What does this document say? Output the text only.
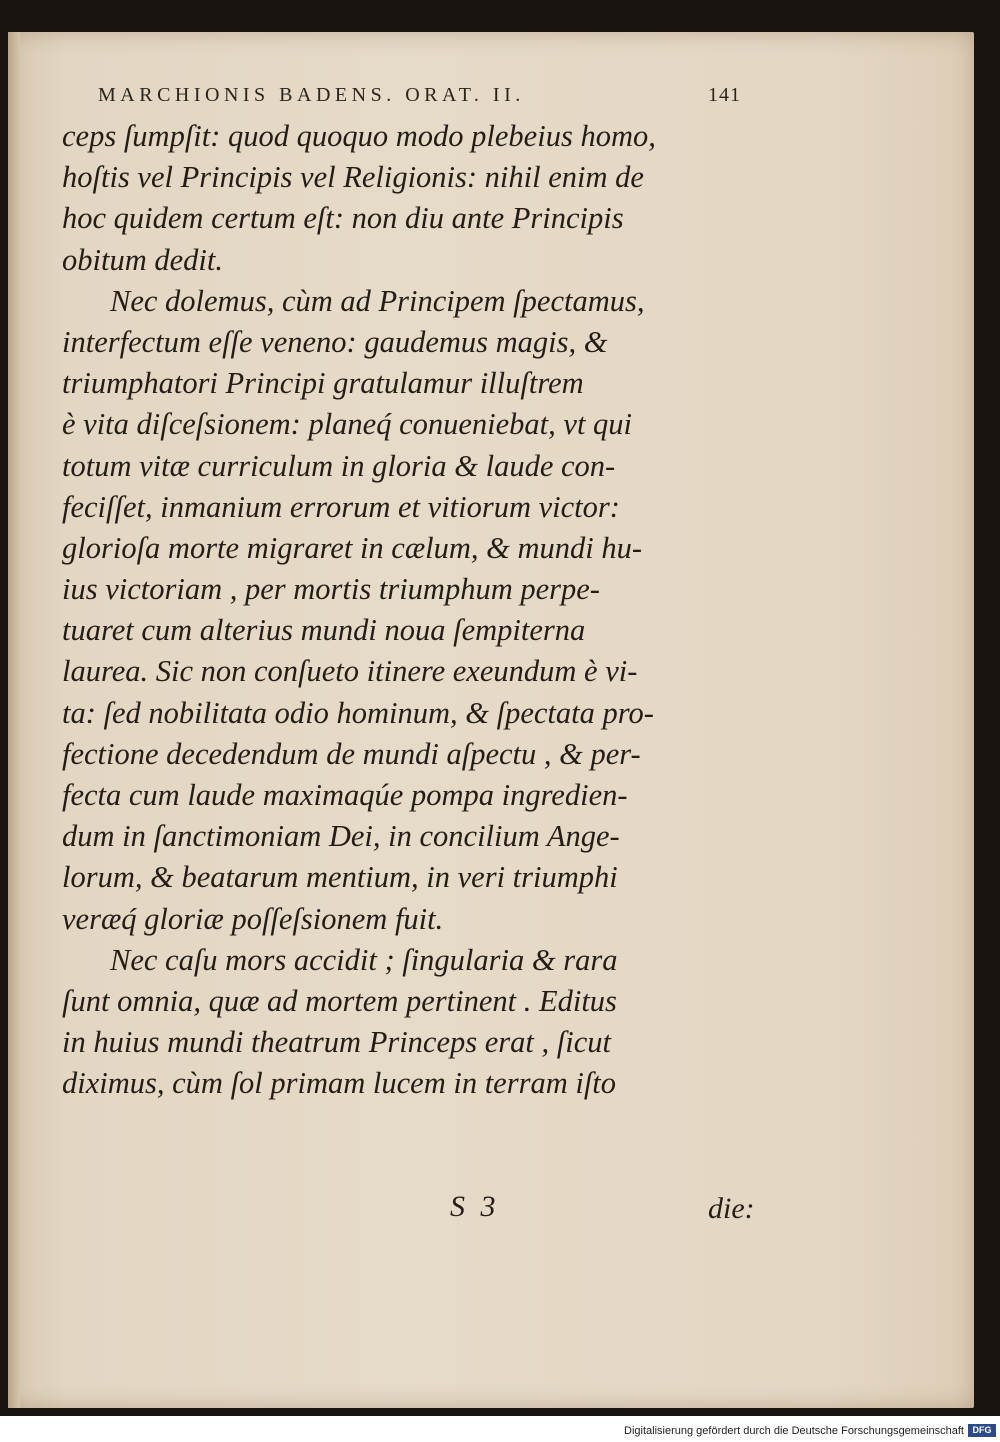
MARCHIONIS BADENS. ORAT. II.	141
ceps ſumpſit: quod quoquo modo plebeius homo,
hoſtis vel Principis vel Religionis: nihil enim de
hoc quidem certum eſt: non diu ante Principis
obitum dedit.
Nec dolemus, cùm ad Principem ſpectamus,
interfectum eſſe veneno: gaudemus magis, &
triumphatori Principi gratulamur illuſtrem
è vita diſceſsionem: planeq́ conueniebat, vt qui
totum vitæ curriculum in gloria & laude con-
feciſſet, inmanium errorum et vitiorum victor:
glorioſa morte migraret in cælum, & mundi hu-
ius victoriam , per mortis triumphum perpe-
tuaret cum alterius mundi noua ſempiterna
laurea. Sic non conſueto itinere exeundum è vi-
ta: ſed nobilitata odio hominum, & ſpectata pro-
fectione decedendum de mundi aſpectu , & per-
fecta cum laude maximaqúe pompa ingredien-
dum in ſanctimoniam Dei, in concilium Ange-
lorum, & beatarum mentium, in veri triumphi
veræq́ gloriæ poſſeſsionem fuit.
Nec caſu mors accidit ; ſingularia & rara
ſunt omnia, quæ ad mortem pertinent . Editus
in huius mundi theatrum Princeps erat , ſicut
diximus, cùm ſol primam lucem in terram iſto
S 3	die:
Digitalisierung gefördert durch die Deutsche Forschungsgemeinschaft DFG
